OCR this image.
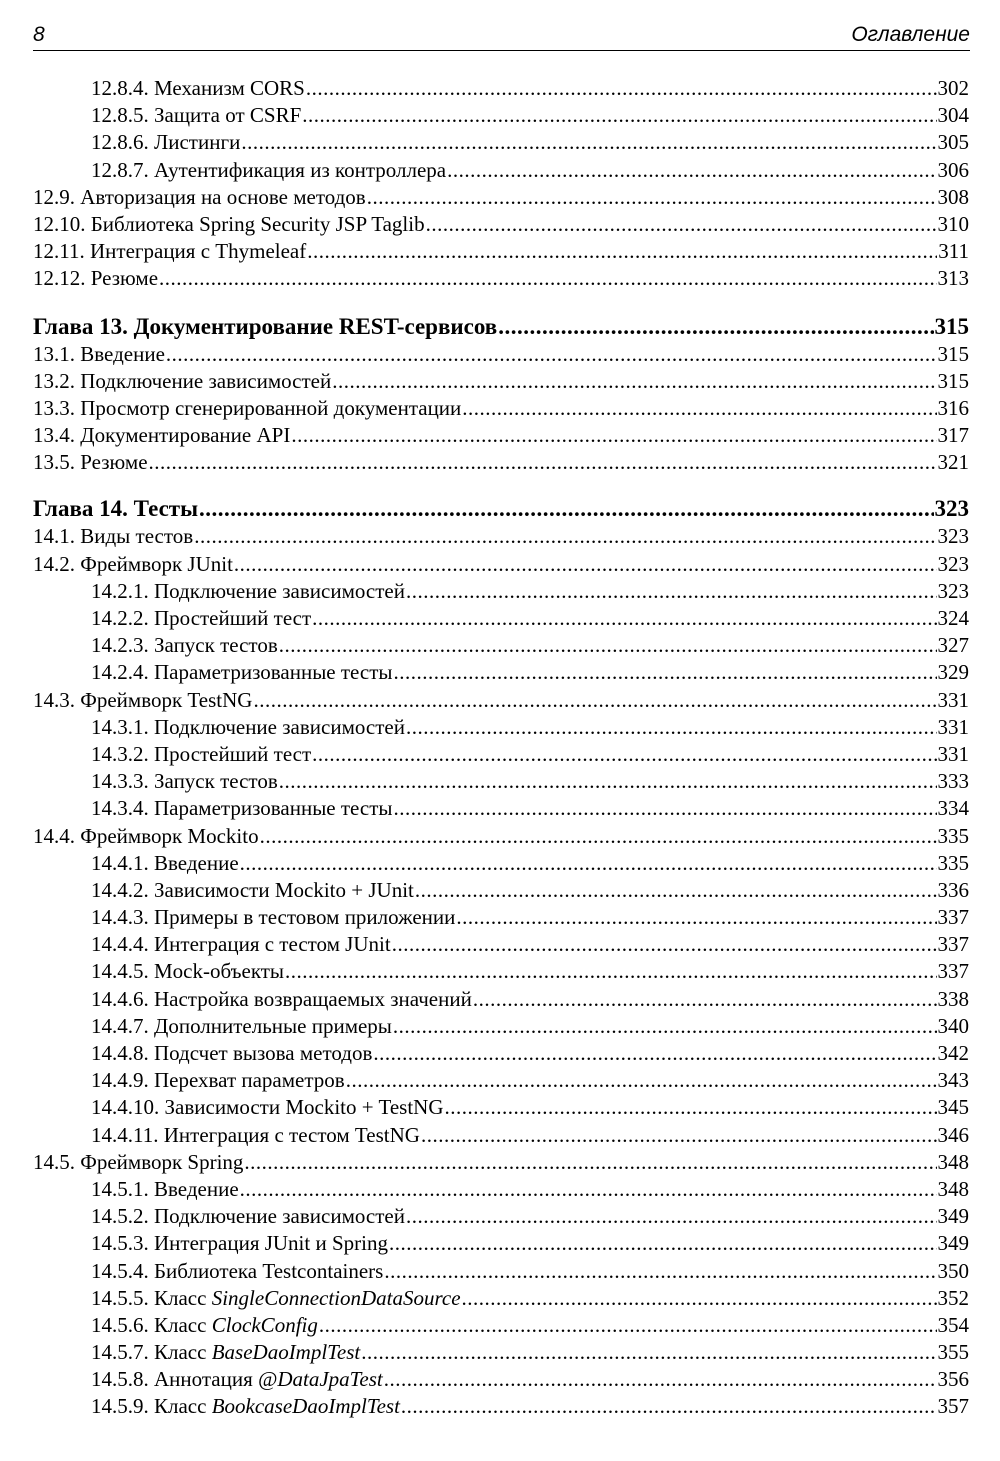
8	Оглавление
12.8.4. Механизм CORS .....	302
12.8.5. Защита от CSRF .....	304
12.8.6. Листинги .....	305
12.8.7. Аутентификация из контроллера .....	306
12.9. Авторизация на основе методов .....	308
12.10. Библиотека Spring Security JSP Taglib .....	310
12.11. Интеграция с Thymeleaf .....	311
12.12. Резюме .....	313
Глава 13. Документирование REST-сервисов .....	315
13.1. Введение .....	315
13.2. Подключение зависимостей .....	315
13.3. Просмотр сгенерированной документации .....	316
13.4. Документирование API .....	317
13.5. Резюме .....	321
Глава 14. Тесты .....	323
14.1. Виды тестов .....	323
14.2. Фреймворк JUnit .....	323
14.2.1. Подключение зависимостей .....	323
14.2.2. Простейший тест .....	324
14.2.3. Запуск тестов .....	327
14.2.4. Параметризованные тесты .....	329
14.3. Фреймворк TestNG .....	331
14.3.1. Подключение зависимостей .....	331
14.3.2. Простейший тест .....	331
14.3.3. Запуск тестов .....	333
14.3.4. Параметризованные тесты .....	334
14.4. Фреймворк Mockito .....	335
14.4.1. Введение .....	335
14.4.2. Зависимости Mockito + JUnit .....	336
14.4.3. Примеры в тестовом приложении .....	337
14.4.4. Интеграция с тестом JUnit .....	337
14.4.5. Mock-объекты .....	337
14.4.6. Настройка возвращаемых значений .....	338
14.4.7. Дополнительные примеры .....	340
14.4.8. Подсчет вызова методов .....	342
14.4.9. Перехват параметров .....	343
14.4.10. Зависимости Mockito + TestNG .....	345
14.4.11. Интеграция с тестом TestNG .....	346
14.5. Фреймворк Spring .....	348
14.5.1. Введение .....	348
14.5.2. Подключение зависимостей .....	349
14.5.3. Интеграция JUnit и Spring .....	349
14.5.4. Библиотека Testcontainers .....	350
14.5.5. Класс SingleConnectionDataSource .....	352
14.5.6. Класс ClockConfig .....	354
14.5.7. Класс BaseDaoImplTest .....	355
14.5.8. Аннотация @DataJpaTest .....	356
14.5.9. Класс BookcaseDaoImplTest .....	357
